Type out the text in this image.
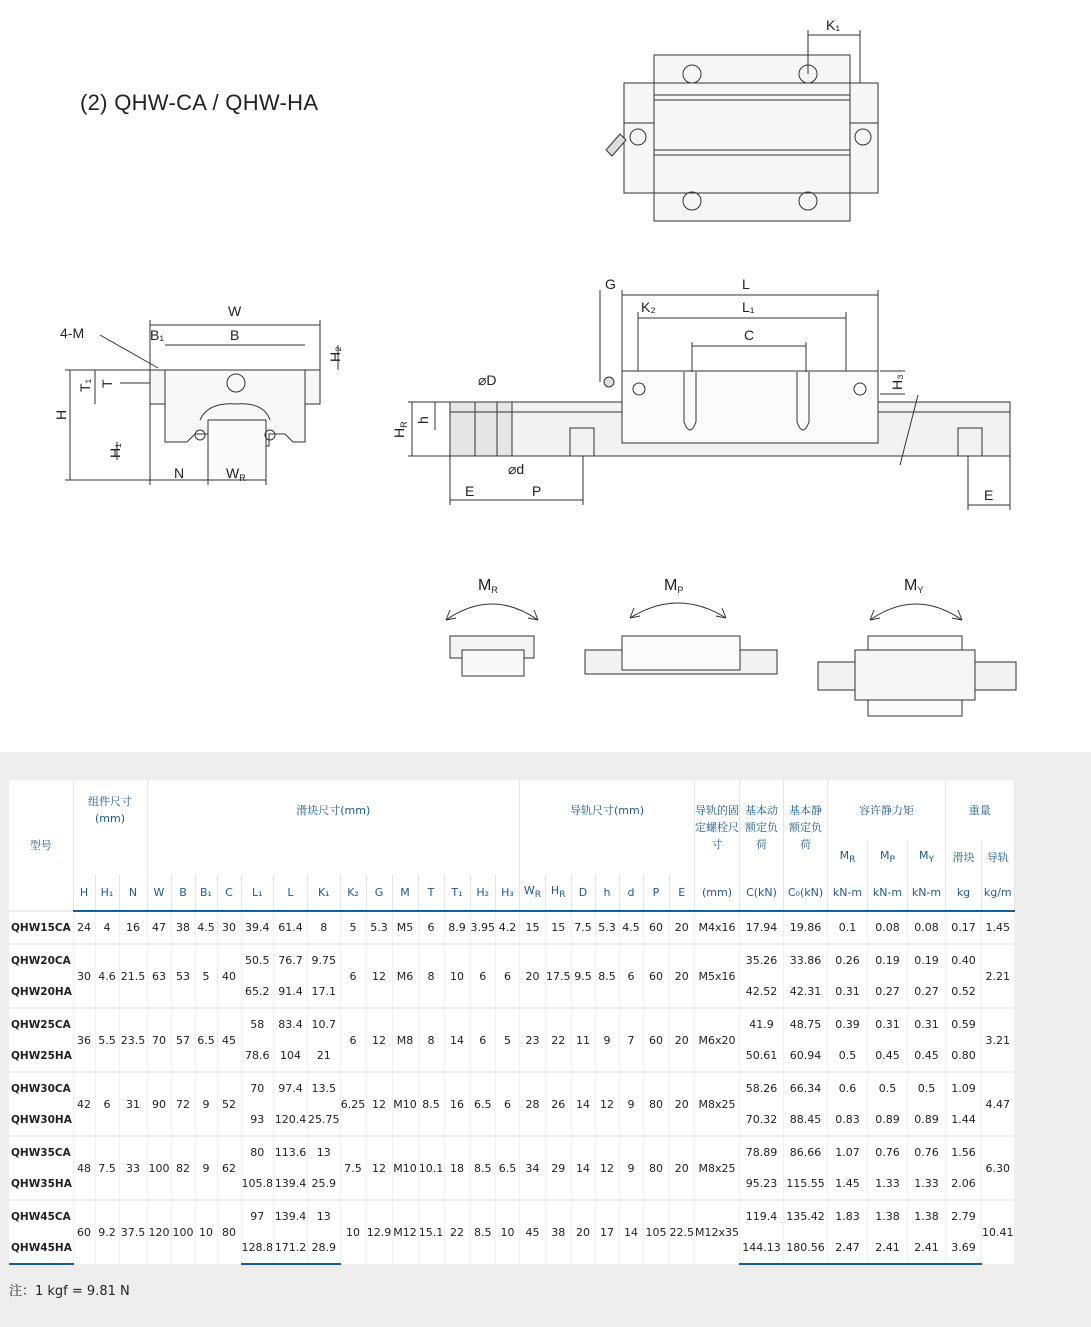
(2) QHW-CA / QHW-HA
K₁
W
B₁	B
4-M
H₂
T₁ T
H
H₁
N	$W_R$
G	L
K₂	L₁
C
H₃
⌀D
⌀d
h
$H_R$
E	P	E
MR	MP	MY
型号	组件尺寸
(mm)			滑块尺寸(mm)														导轨尺寸(mm)							导轨的固定螺栓尺寸	基本动额定负荷	基本静额定负荷	容许静力矩			重量	
																												$M_R$	$M_P$	$M_Y$	滑块	导轨
	H	H₁	N	W	B	B₁	C	L₁	L	K₁	K₂	G	M	T	T₁	H₂	H₃	$W_R$	$H_R$	D	h	d	P	E	(mm)	C(kN)	C₀(kN)	kN-m	kN-m	kN-m	kg	kg/m
QHW15CA	24	4	16	47	38	4.5	30	39.4	61.4	8	5	5.3	M5	6	8.9	3.95	4.2	15	15	7.5	5.3	4.5	60	20	M4x16	17.94	19.86	0.1	0.08	0.08	0.17	1.45
QHW20CA	30	4.6	21.5	63	53	5	40	50.5	76.7	9.75	6	12	M6	8	10	6	6	20	17.5	9.5	8.5	6	60	20	M5x16	35.26	33.86	0.26	0.19	0.19	0.40	2.21
QHW20HA								65.2	91.4	17.1																42.52	42.31	0.31	0.27	0.27	0.52	
QHW25CA	36	5.5	23.5	70	57	6.5	45	58	83.4	10.7	6	12	M8	8	14	6	5	23	22	11	9	7	60	20	M6x20	41.9	48.75	0.39	0.31	0.31	0.59	3.21
QHW25HA								78.6	104	21																50.61	60.94	0.5	0.45	0.45	0.80	
QHW30CA	42	6	31	90	72	9	52	70	97.4	13.5	6.25	12	M10	8.5	16	6.5	6	28	26	14	12	9	80	20	M8x25	58.26	66.34	0.6	0.5	0.5	1.09	4.47
QHW30HA								93	120.4	25.75																70.32	88.45	0.83	0.89	0.89	1.44	
QHW35CA	48	7.5	33	100	82	9	62	80	113.6	13	7.5	12	M10	10.1	18	8.5	6.5	34	29	14	12	9	80	20	M8x25	78.89	86.66	1.07	0.76	0.76	1.56	6.30
QHW35HA								105.8	139.4	25.9																95.23	115.55	1.45	1.33	1.33	2.06	
QHW45CA	60	9.2	37.5	120	100	10	80	97	139.4	13	10	12.9	M12	15.1	22	8.5	10	45	38	20	17	14	105	22.5	M12x35	119.4	135.42	1.83	1.38	1.38	2.79	10.41
QHW45HA								128.8	171.2	28.9																144.13	180.56	2.47	2.41	2.41	3.69	
注：1 kgf = 9.81 N
